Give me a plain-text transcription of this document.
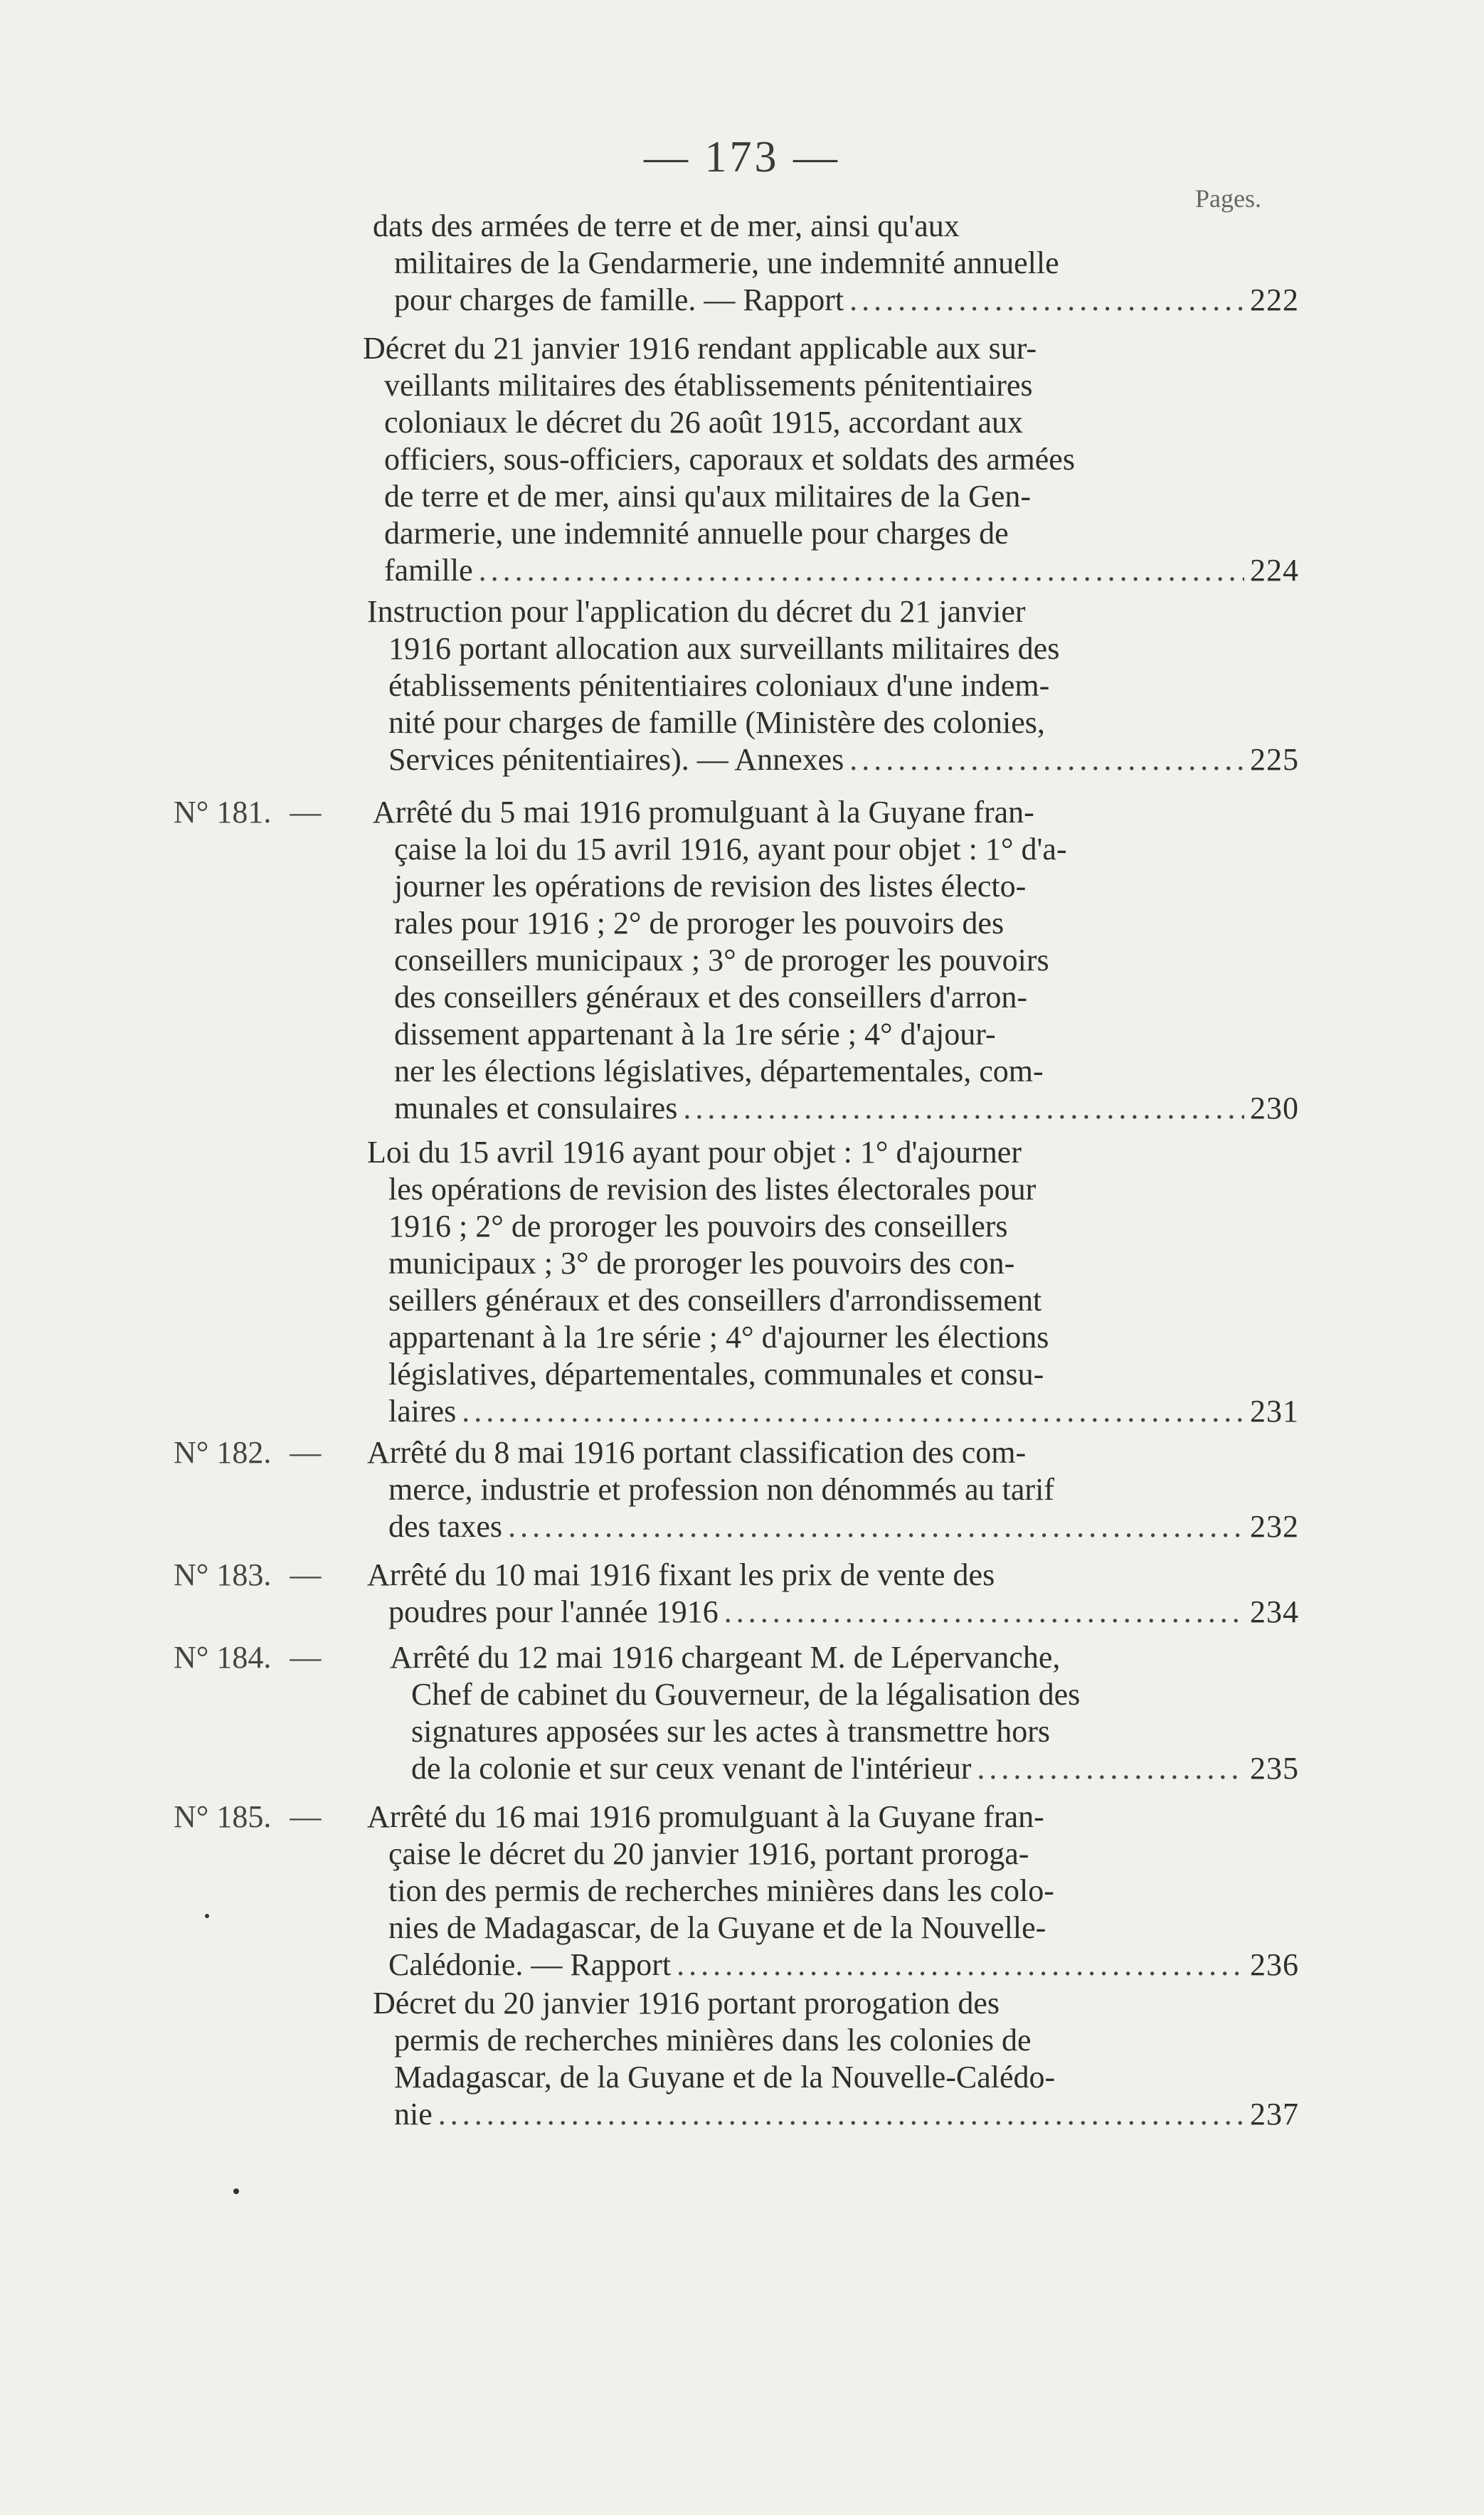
— 173 —
Pages.
dats des armées de terre et de mer, ainsi qu'aux
militaires de la Gendarmerie, une indemnité annuelle
pour charges de famille. — Rapport .....	222
Décret du 21 janvier 1916 rendant applicable aux sur-
veillants militaires des établissements pénitentiaires
coloniaux le décret du 26 août 1915, accordant aux
officiers, sous-officiers, caporaux et soldats des armées
de terre et de mer, ainsi qu'aux militaires de la Gen-
darmerie, une indemnité annuelle pour charges de
famille .....	224
Instruction pour l'application du décret du 21 janvier
1916 portant allocation aux surveillants militaires des
établissements pénitentiaires coloniaux d'une indem-
nité pour charges de famille (Ministère des colonies,
Services pénitentiaires). — Annexes .....	225
N° 181. — Arrêté du 5 mai 1916 promulguant à la Guyane fran-
çaise la loi du 15 avril 1916, ayant pour objet : 1° d'a-
journer les opérations de revision des listes électo-
rales pour 1916 ; 2° de proroger les pouvoirs des
conseillers municipaux ; 3° de proroger les pouvoirs
des conseillers généraux et des conseillers d'arron-
dissement appartenant à la 1re série ; 4° d'ajour-
ner les élections législatives, départementales, com-
munales et consulaires .....	230
Loi du 15 avril 1916 ayant pour objet : 1° d'ajourner
les opérations de revision des listes électorales pour
1916 ; 2° de proroger les pouvoirs des conseillers
municipaux ; 3° de proroger les pouvoirs des con-
seillers généraux et des conseillers d'arrondissement
appartenant à la 1re série ; 4° d'ajourner les élections
législatives, départementales, communales et consu-
laires .....	231
N° 182. — Arrêté du 8 mai 1916 portant classification des com-
merce, industrie et profession non dénommés au tarif
des taxes .....	232
N° 183. — Arrêté du 10 mai 1916 fixant les prix de vente des
poudres pour l'année 1916 .....	234
N° 184. — Arrêté du 12 mai 1916 chargeant M. de Lépervanche,
Chef de cabinet du Gouverneur, de la légalisation des
signatures apposées sur les actes à transmettre hors
de la colonie et sur ceux venant de l'intérieur .....	235
N° 185. — Arrêté du 16 mai 1916 promulguant à la Guyane fran-
çaise le décret du 20 janvier 1916, portant proroga-
tion des permis de recherches minières dans les colo-
nies de Madagascar, de la Guyane et de la Nouvelle-
Calédonie. — Rapport .....	236
Décret du 20 janvier 1916 portant prorogation des
permis de recherches minières dans les colonies de
Madagascar, de la Guyane et de la Nouvelle-Calédo-
nie .....	237
